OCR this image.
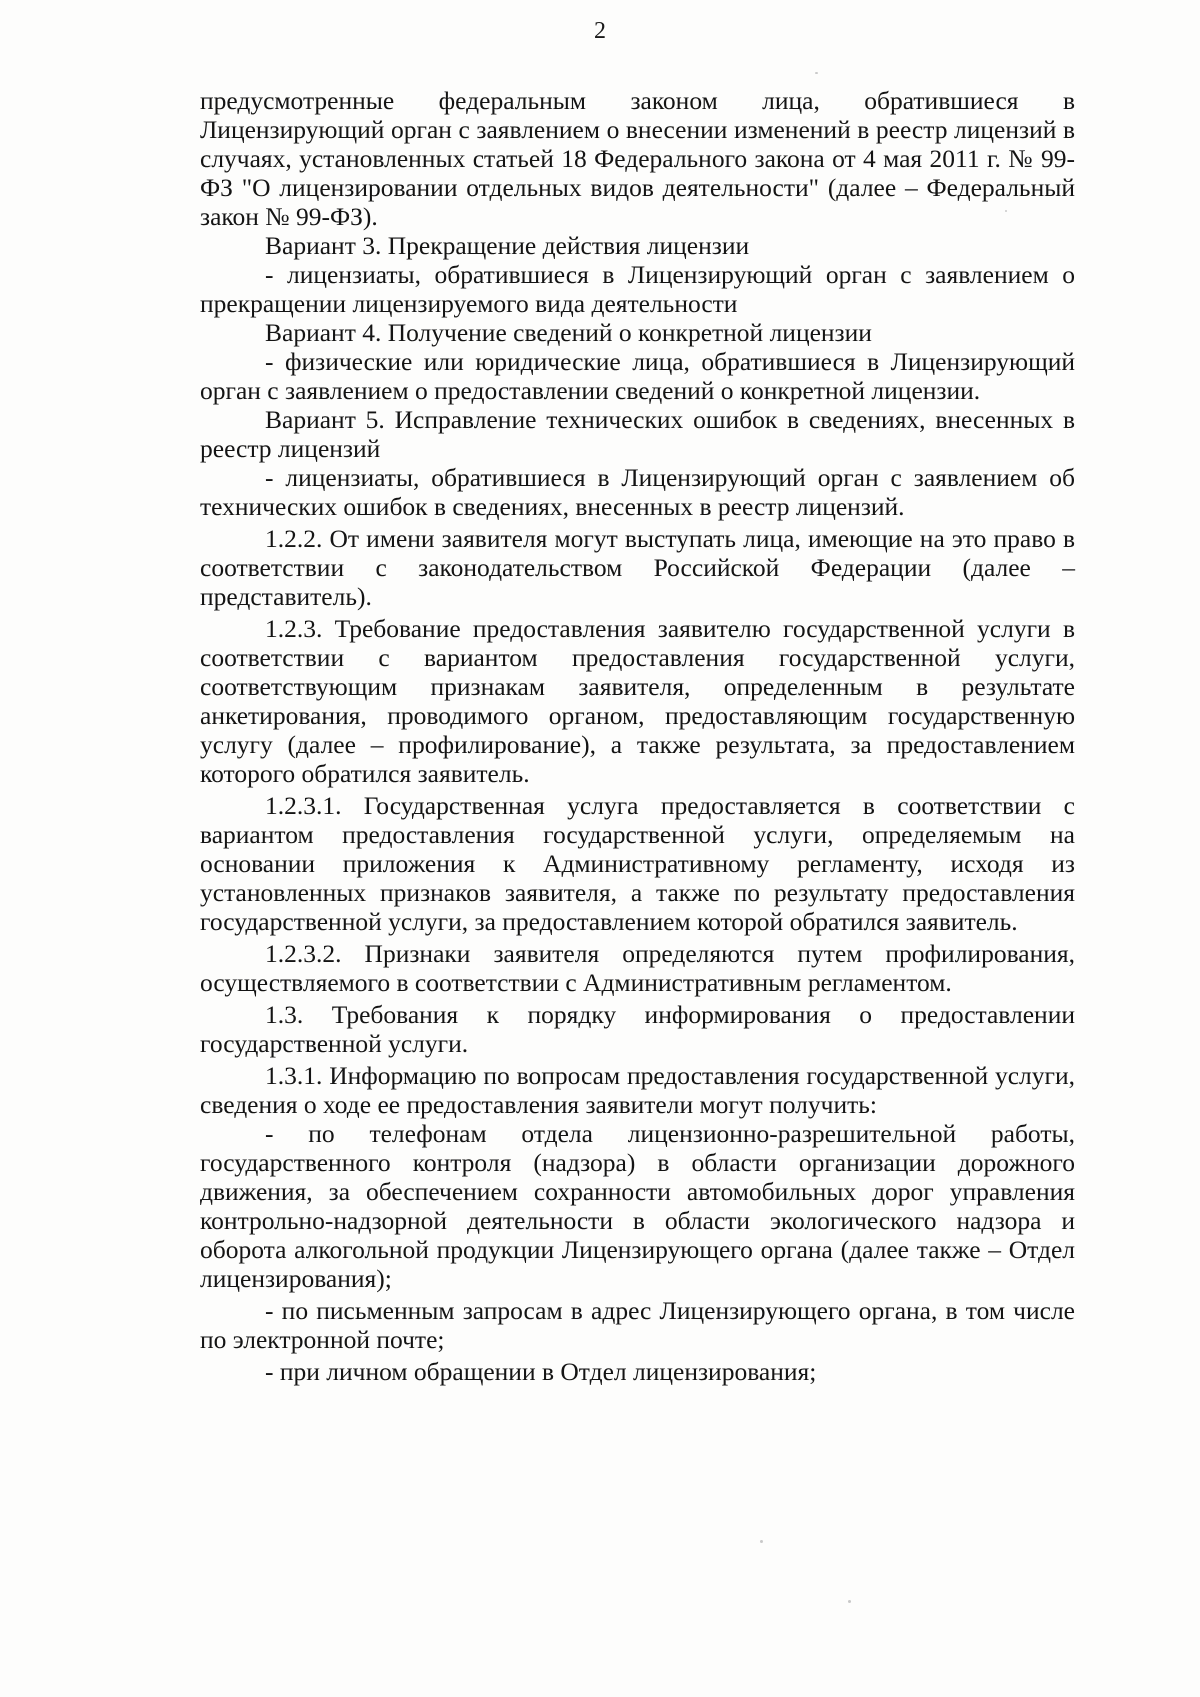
2

предусмотренные федеральным законом лица, обратившиеся в Лицензирующий орган с заявлением о внесении изменений в реестр лицензий в случаях, установленных статьей 18 Федерального закона от 4 мая 2011 г. № 99-ФЗ "О лицензировании отдельных видов деятельности" (далее – Федеральный закон № 99-ФЗ).

Вариант 3. Прекращение действия лицензии

- лицензиаты, обратившиеся в Лицензирующий орган с заявлением о прекращении лицензируемого вида деятельности

Вариант 4. Получение сведений о конкретной лицензии

- физические или юридические лица, обратившиеся в Лицензирующий орган с заявлением о предоставлении сведений о конкретной лицензии.

Вариант 5. Исправление технических ошибок в сведениях, внесенных в реестр лицензий

- лицензиаты, обратившиеся в Лицензирующий орган с заявлением об технических ошибок в сведениях, внесенных в реестр лицензий.

1.2.2. От имени заявителя могут выступать лица, имеющие на это право в соответствии с законодательством Российской Федерации (далее – представитель).

1.2.3. Требование предоставления заявителю государственной услуги в соответствии с вариантом предоставления государственной услуги, соответствующим признакам заявителя, определенным в результате анкетирования, проводимого органом, предоставляющим государственную услугу (далее – профилирование), а также результата, за предоставлением которого обратился заявитель.

1.2.3.1. Государственная услуга предоставляется в соответствии с вариантом предоставления государственной услуги, определяемым на основании приложения к Административному регламенту, исходя из установленных признаков заявителя, а также по результату предоставления государственной услуги, за предоставлением которой обратился заявитель.

1.2.3.2. Признаки заявителя определяются путем профилирования, осуществляемого в соответствии с Административным регламентом.

1.3. Требования к порядку информирования о предоставлении государственной услуги.

1.3.1. Информацию по вопросам предоставления государственной услуги, сведения о ходе ее предоставления заявители могут получить:

- по телефонам отдела лицензионно-разрешительной работы, государственного контроля (надзора) в области организации дорожного движения, за обеспечением сохранности автомобильных дорог управления контрольно-надзорной деятельности в области экологического надзора и оборота алкогольной продукции Лицензирующего органа (далее также – Отдел лицензирования);

- по письменным запросам в адрес Лицензирующего органа, в том числе по электронной почте;

- при личном обращении в Отдел лицензирования;
